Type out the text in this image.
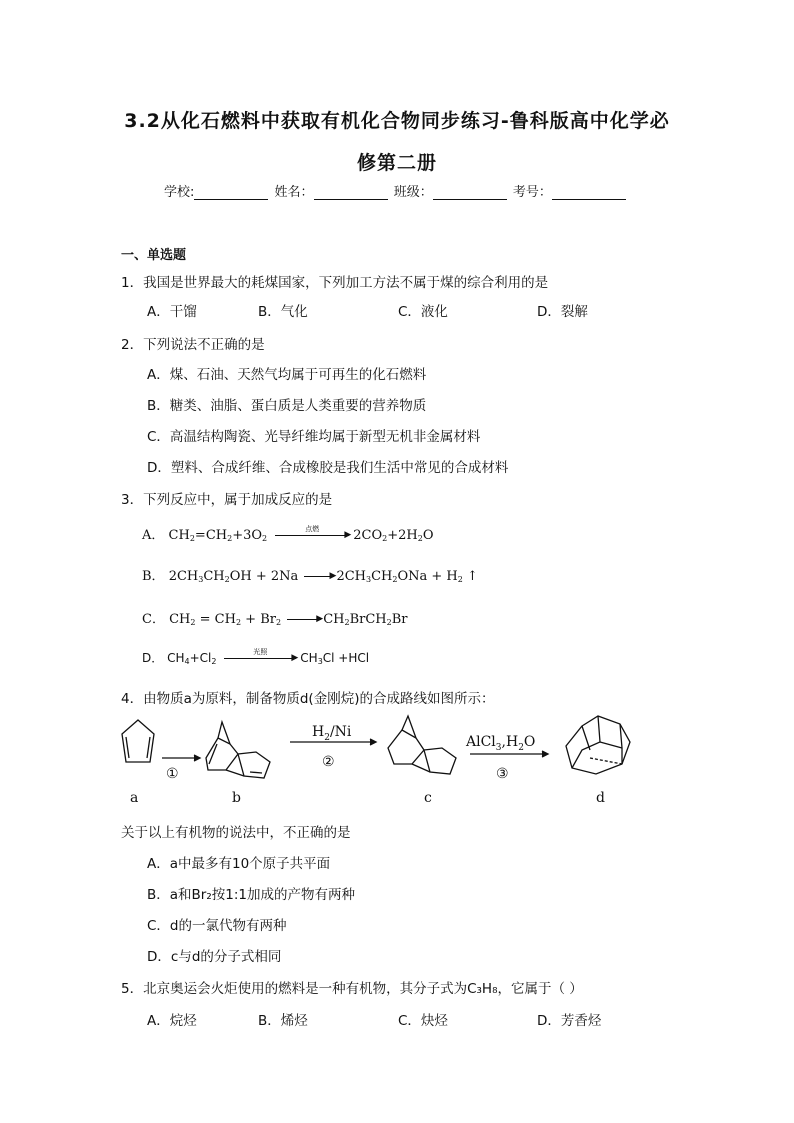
3.2从化石燃料中获取有机化合物同步练习-鲁科版高中化学必
修第二册
学校:	姓名：	班级：	考号：
一、单选题
1．我国是世界最大的耗煤国家，下列加工方法不属于煤的综合利用的是
A．干馏	B．气化	C．液化	D．裂解
2．下列说法不正确的是
A．煤、石油、天然气均属于可再生的化石燃料
B．糖类、油脂、蛋白质是人类重要的营养物质
C．高温结构陶瓷、光导纤维均属于新型无机非金属材料
D．塑料、合成纤维、合成橡胶是我们生活中常见的合成材料
3．下列反应中，属于加成反应的是
A． $CH_2=CH_2+3O_2$
点燃
▶ $2CO_2+2H_2O$
B． $2CH_3CH_2OH + 2Na$	▶ $2CH_3CH_2ONa + H_2$ ↑
C． $CH_2 = CH_2 + Br_2$	▶ $CH_2BrCH_2Br$
D． $CH_4+Cl_2$
光照
▶ $CH_3Cl +HCl$
4．由物质a为原料，制备物质d(金刚烷)的合成路线如图所示：
①
$H_2/Ni$
②
$AlCl_3,H_2O$
③
a	b	c	d
关于以上有机物的说法中，不正确的是
A．a中最多有10个原子共平面
B．a和Br₂按1:1加成的产物有两种
C．d的一氯代物有两种
D．c与d的分子式相同
5．北京奥运会火炬使用的燃料是一种有机物，其分子式为C₃H₈，它属于（ ）
A．烷烃	B．烯烃	C．炔烃	D．芳香烃
